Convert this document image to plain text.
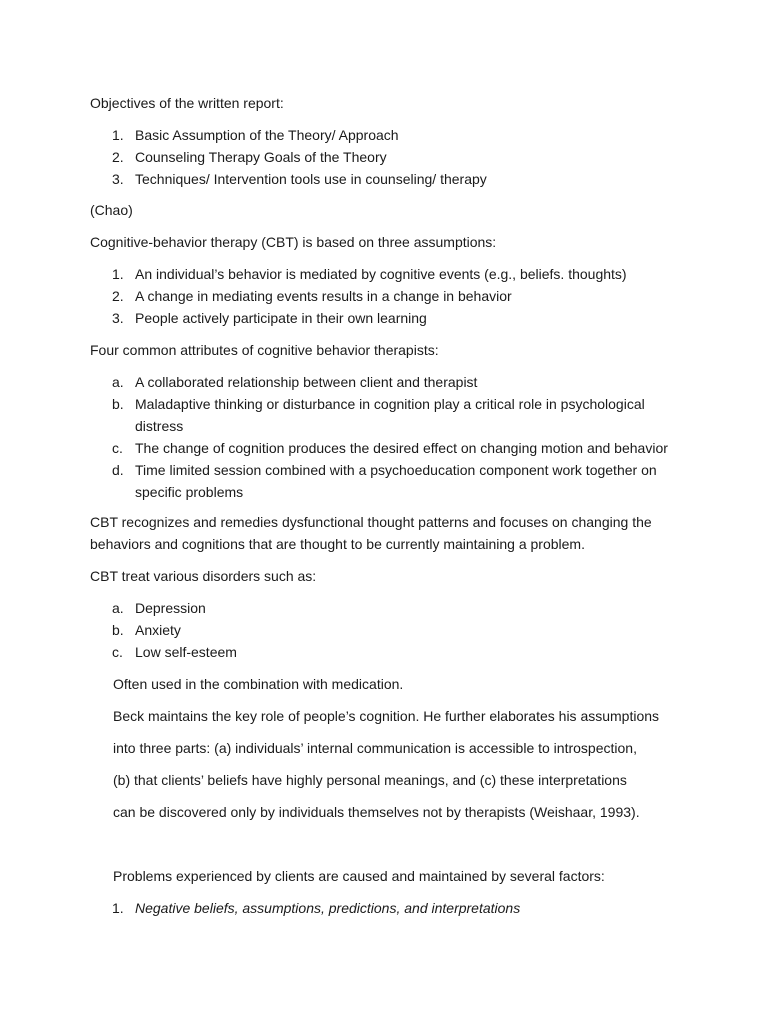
Objectives of the written report:

1. Basic Assumption of the Theory/ Approach
2. Counseling Therapy Goals of the Theory
3. Techniques/ Intervention tools use in counseling/ therapy

(Chao)

Cognitive-behavior therapy (CBT) is based on three assumptions:

1. An individual’s behavior is mediated by cognitive events (e.g., beliefs. thoughts)
2. A change in mediating events results in a change in behavior
3. People actively participate in their own learning

Four common attributes of cognitive behavior therapists:

a. A collaborated relationship between client and therapist
b. Maladaptive thinking or disturbance in cognition play a critical role in psychological distress
c. The change of cognition produces the desired effect on changing motion and behavior
d. Time limited session combined with a psychoeducation component work together on specific problems

CBT recognizes and remedies dysfunctional thought patterns and focuses on changing the behaviors and cognitions that are thought to be currently maintaining a problem.

CBT treat various disorders such as:

a. Depression
b. Anxiety
c. Low self-esteem

Often used in the combination with medication.

Beck maintains the key role of people’s cognition. He further elaborates his assumptions

into three parts: (a) individuals’ internal communication is accessible to introspection,

(b) that clients’ beliefs have highly personal meanings, and (c) these interpretations

can be discovered only by individuals themselves not by therapists (Weishaar, 1993).

Problems experienced by clients are caused and maintained by several factors:

1. Negative beliefs, assumptions, predictions, and interpretations
